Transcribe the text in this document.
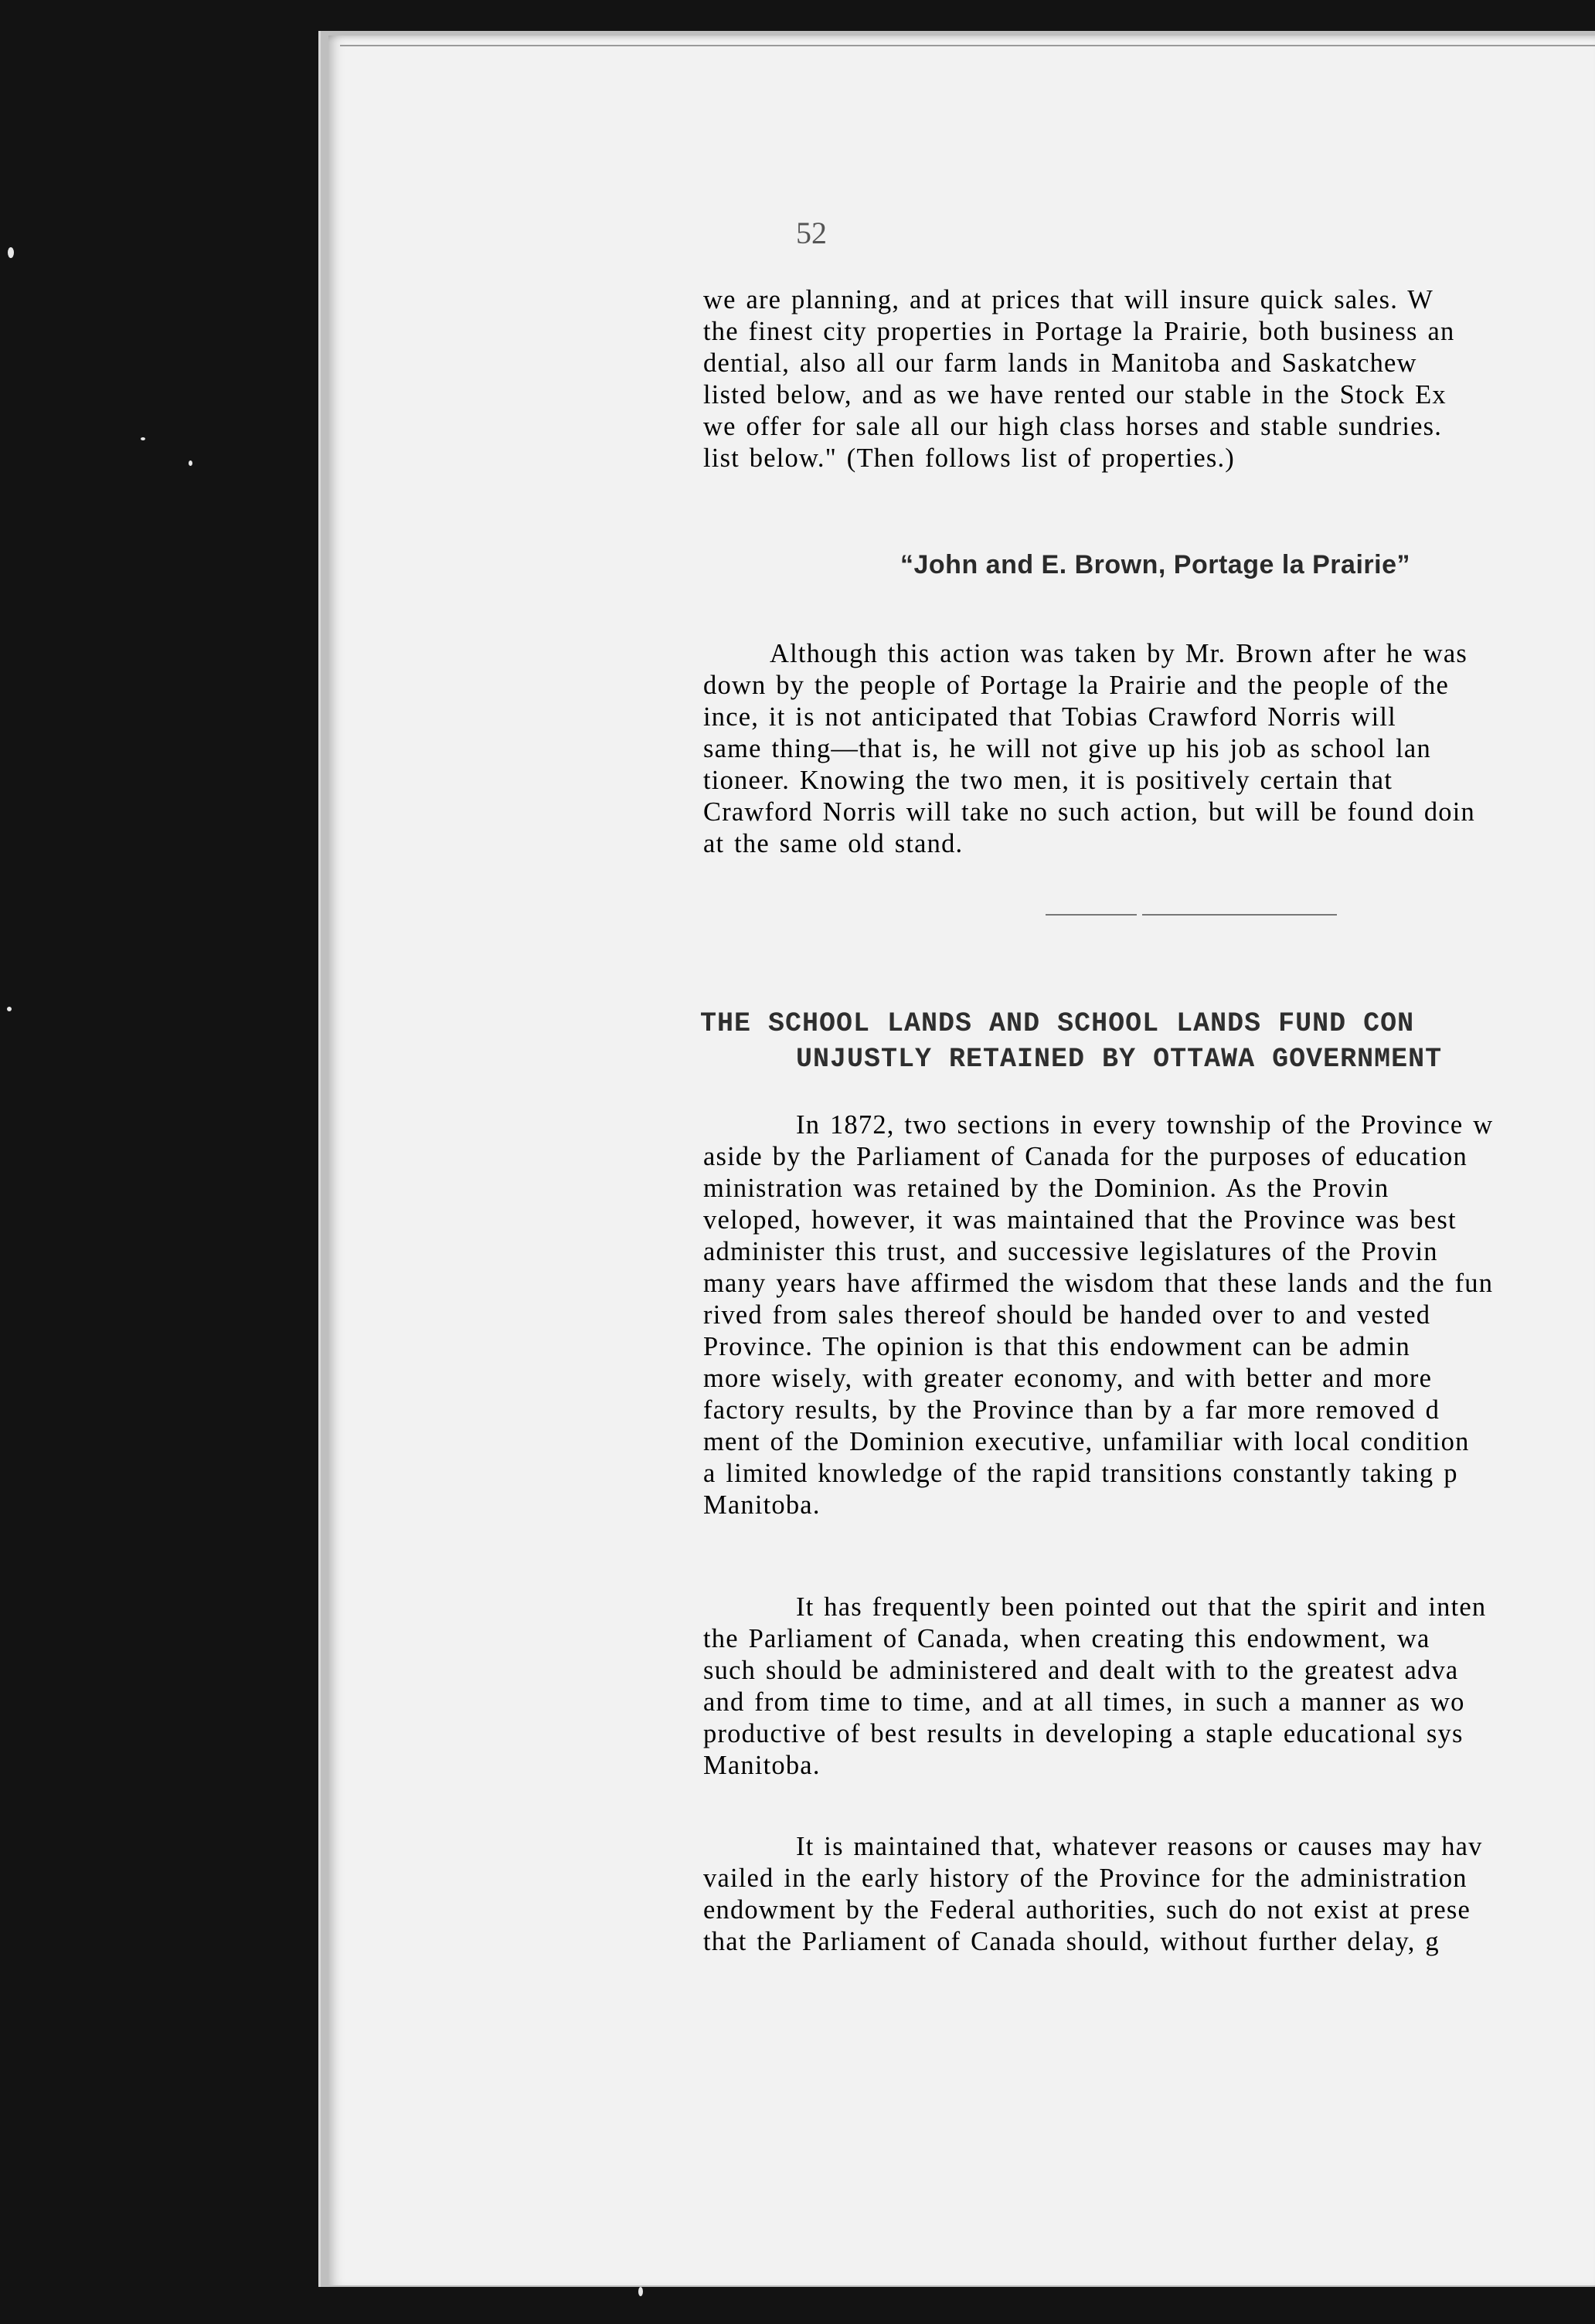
52
we are planning, and at prices that will insure quick sales. W
the finest city properties in Portage la Prairie, both business an
dential, also all our farm lands in Manitoba and Saskatchew
listed below, and as we have rented our stable in the Stock Ex
we offer for sale all our high class horses and stable sundries.
list below." (Then follows list of properties.)
“John and E. Brown, Portage la Prairie”
Although this action was taken by Mr. Brown after he was
down by the people of Portage la Prairie and the people of the
ince, it is not anticipated that Tobias Crawford Norris will
same thing—that is, he will not give up his job as school lan
tioneer. Knowing the two men, it is positively certain that
Crawford Norris will take no such action, but will be found doin
at the same old stand.
THE SCHOOL LANDS AND SCHOOL LANDS FUND CON
UNJUSTLY RETAINED BY OTTAWA GOVERNMENT
In 1872, two sections in every township of the Province w
aside by the Parliament of Canada for the purposes of education
ministration was retained by the Dominion. As the Provin
veloped, however, it was maintained that the Province was best
administer this trust, and successive legislatures of the Provin
many years have affirmed the wisdom that these lands and the fun
rived from sales thereof should be handed over to and vested
Province. The opinion is that this endowment can be admin
more wisely, with greater economy, and with better and more
factory results, by the Province than by a far more removed d
ment of the Dominion executive, unfamiliar with local condition
a limited knowledge of the rapid transitions constantly taking p
Manitoba.
It has frequently been pointed out that the spirit and inten
the Parliament of Canada, when creating this endowment, wa
such should be administered and dealt with to the greatest adva
and from time to time, and at all times, in such a manner as wo
productive of best results in developing a staple educational sys
Manitoba.
It is maintained that, whatever reasons or causes may hav
vailed in the early history of the Province for the administration
endowment by the Federal authorities, such do not exist at prese
that the Parliament of Canada should, without further delay, g
